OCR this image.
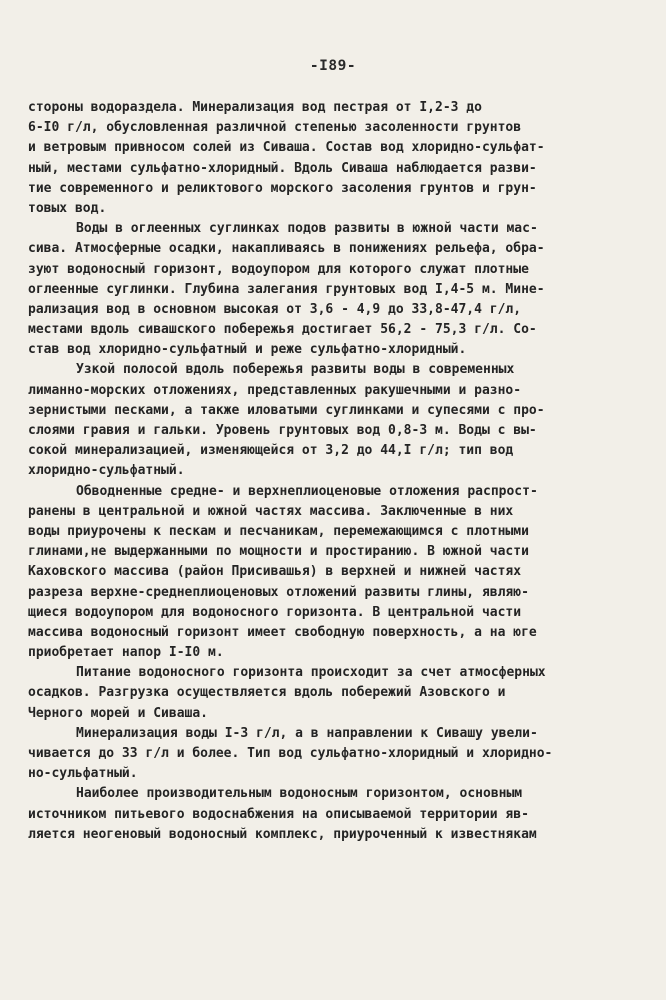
-I89-
стороны водораздела. Минерализация вод пестрая от I,2-3 до
6-I0 г/л, обусловленная различной степенью засоленности грунтов
и ветровым привносом солей из Сиваша. Состав вод хлоридно-сульфат-
ный, местами сульфатно-хлоридный. Вдоль Сиваша наблюдается разви-
тие современного и реликтового морского засоления грунтов и грун-
товых вод.
Воды в оглеенных суглинках подов развиты в южной части мас-
сива. Атмосферные осадки, накапливаясь в понижениях рельефа, обра-
зуют водоносный горизонт, водоупором для которого служат плотные
оглеенные суглинки. Глубина залегания грунтовых вод I,4-5 м. Мине-
рализация вод в основном высокая от 3,6 - 4,9 до 33,8-47,4 г/л,
местами вдоль сивашского побережья достигает 56,2 - 75,3 г/л. Со-
став вод хлоридно-сульфатный и реже сульфатно-хлоридный.
Узкой полосой вдоль побережья развиты воды в современных
лиманно-морских отложениях, представленных ракушечными и разно-
зернистыми песками, а также иловатыми суглинками и супесями с про-
слоями гравия и гальки. Уровень грунтовых вод 0,8-3 м. Воды с вы-
сокой минерализацией, изменяющейся от 3,2 до 44,I г/л; тип вод
хлоридно-сульфатный.
Обводненные средне- и верхнеплиоценовые отложения распрост-
ранены в центральной и южной частях массива. Заключенные в них
воды приурочены к пескам и песчаникам, перемежающимся с плотными
глинами,не выдержанными по мощности и простиранию. В южной части
Каховского массива (район Присивашья) в верхней и нижней частях
разреза верхне-среднеплиоценовых отложений развиты глины, являю-
щиеся водоупором для водоносного горизонта. В центральной части
массива водоносный горизонт имеет свободную поверхность, а на юге
приобретает напор I-I0 м.
Питание водоносного горизонта происходит за счет атмосферных
осадков. Разгрузка осуществляется вдоль побережий Азовского и
Черного морей и Сиваша.
Минерализация воды I-3 г/л, а в направлении к Сивашу увели-
чивается до 33 г/л и более. Тип вод сульфатно-хлоридный и хлоридно-
но-сульфатный.
Наиболее производительным водоносным горизонтом, основным
источником питьевого водоснабжения на описываемой территории яв-
ляется неогеновый водоносный комплекс, приуроченный к известнякам
